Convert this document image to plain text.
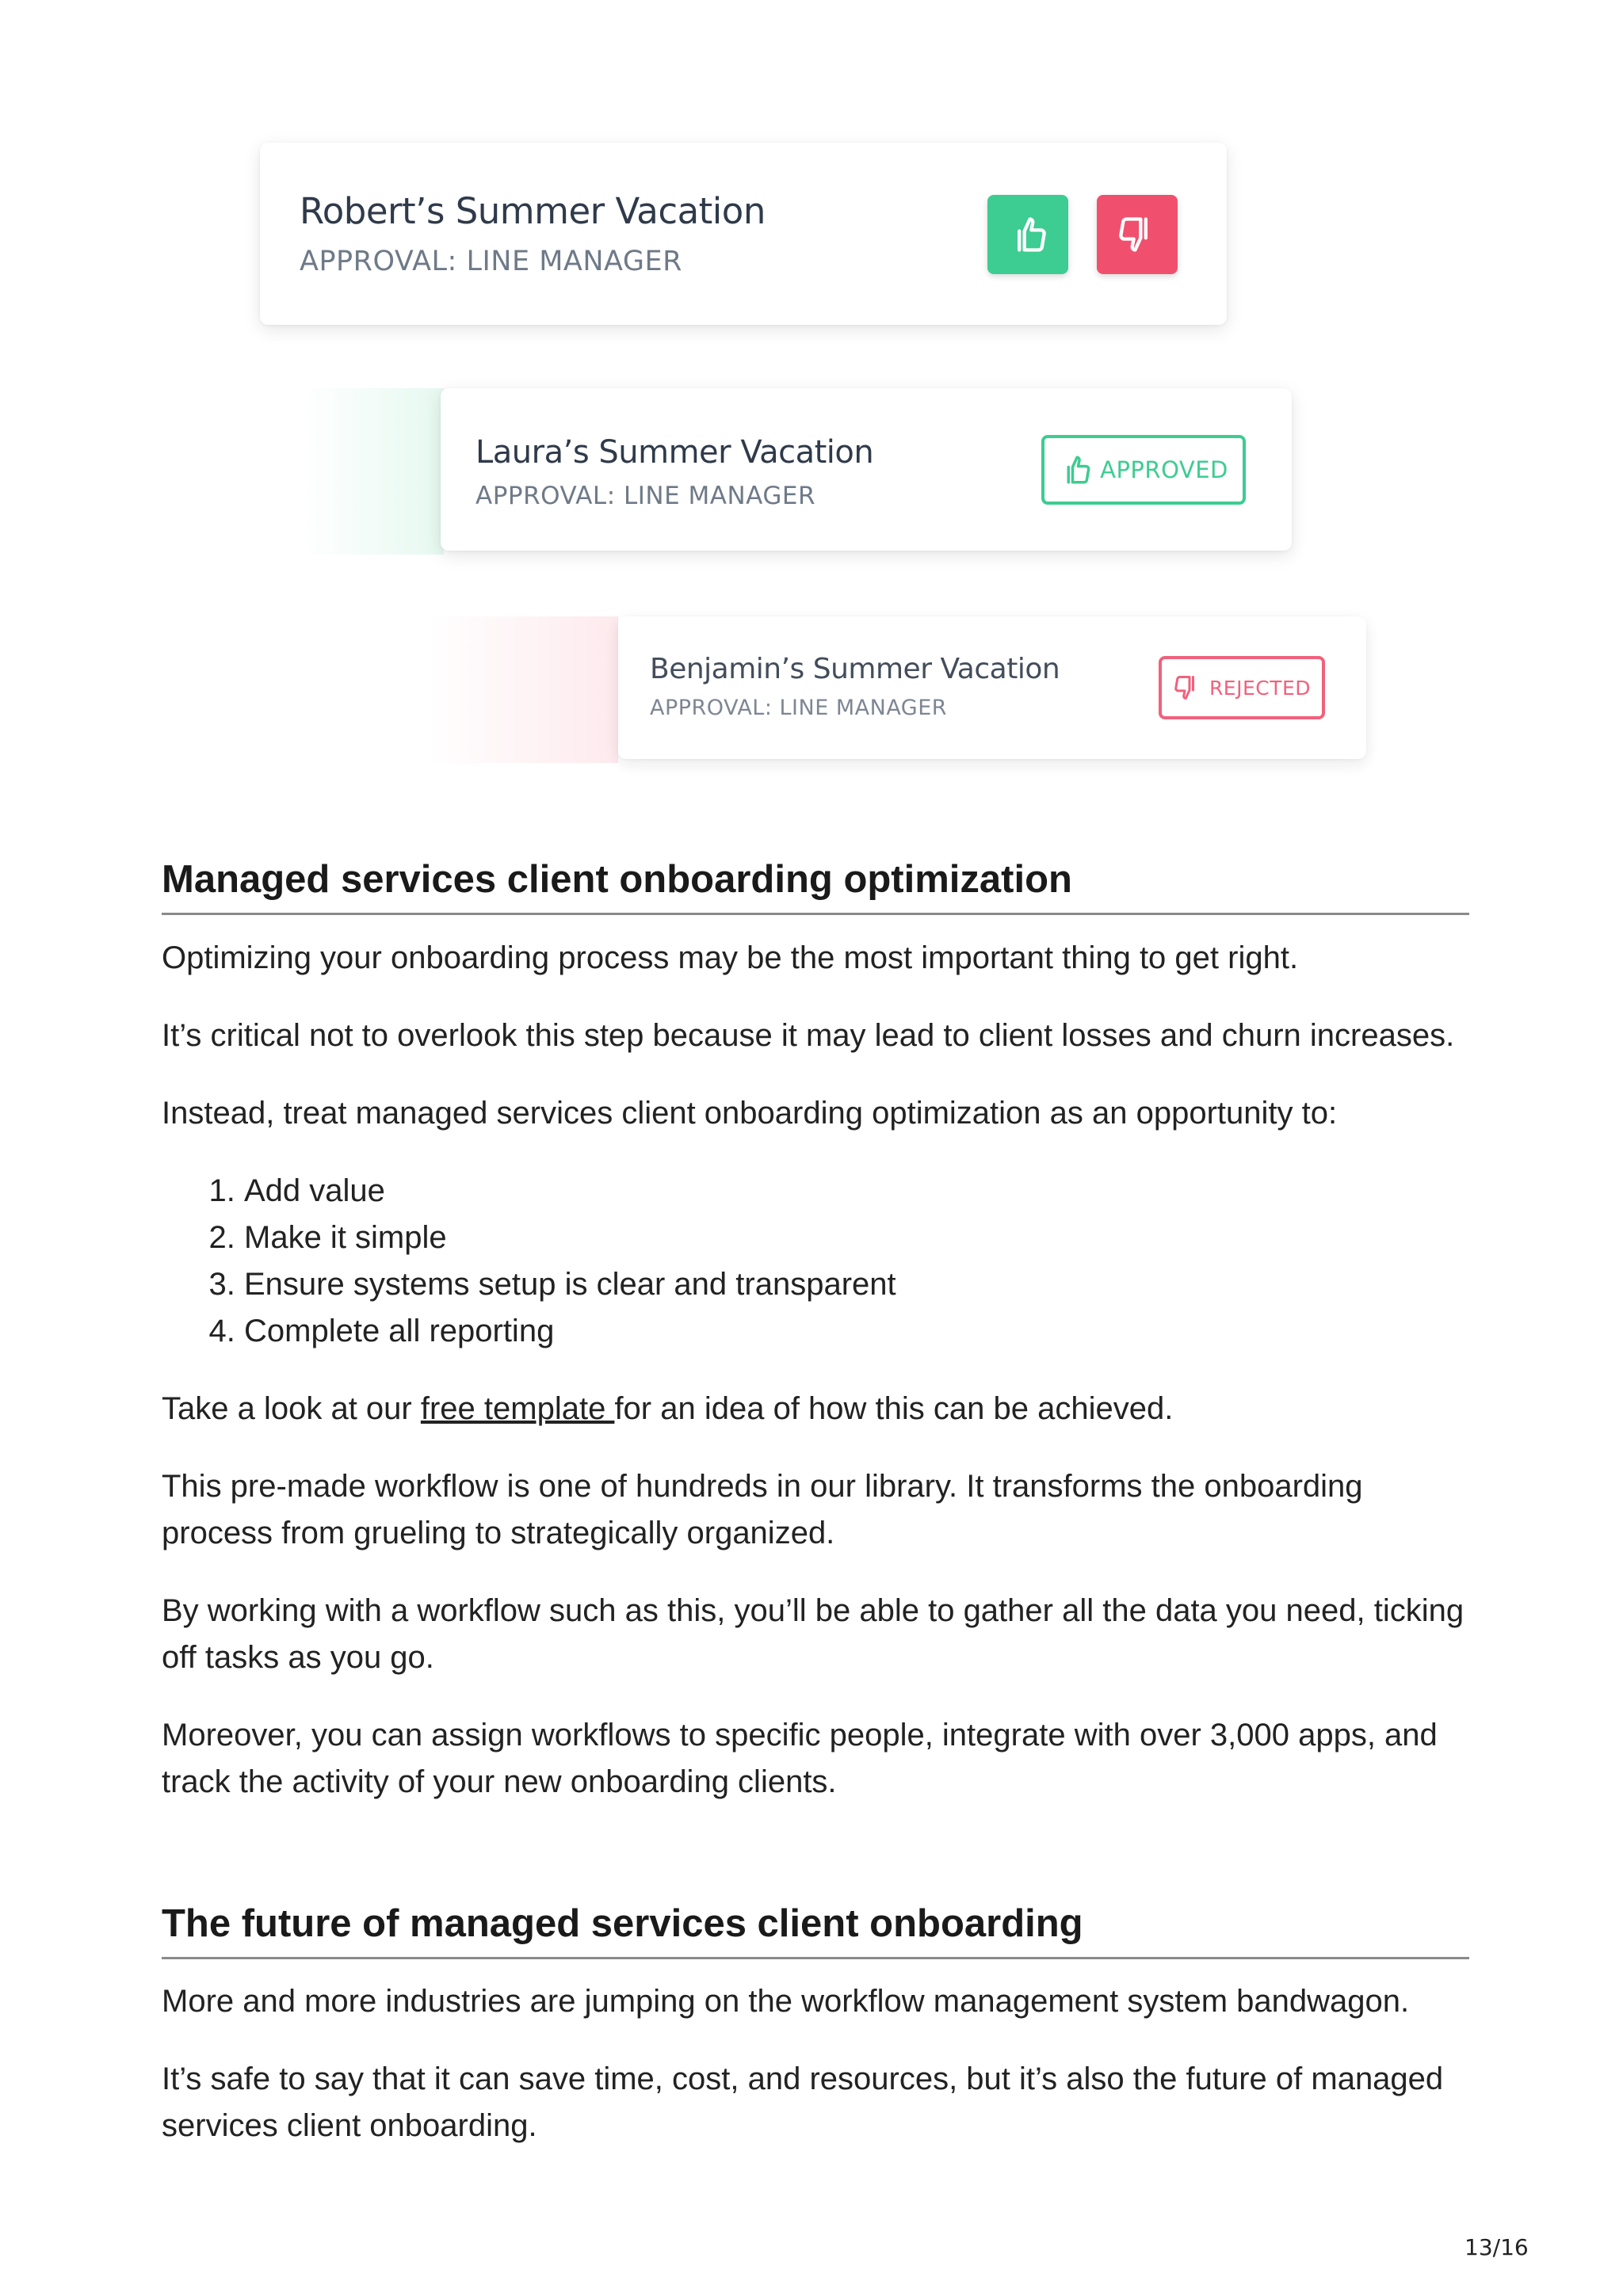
Robert’s Summer Vacation
APPROVAL: LINE MANAGER
Laura’s Summer Vacation
APPROVAL: LINE MANAGER
APPROVED
Benjamin’s Summer Vacation
APPROVAL: LINE MANAGER
REJECTED
Managed services client onboarding optimization

Optimizing your onboarding process may be the most important thing to get right.

It’s critical not to overlook this step because it may lead to client losses and churn increases.

Instead, treat managed services client onboarding optimization as an opportunity to:

1. Add value
2. Make it simple
3. Ensure systems setup is clear and transparent
4. Complete all reporting

Take a look at our free template for an idea of how this can be achieved.

This pre-made workflow is one of hundreds in our library. It transforms the onboarding process from grueling to strategically organized.

By working with a workflow such as this, you’ll be able to gather all the data you need, ticking off tasks as you go.

Moreover, you can assign workflows to specific people, integrate with over 3,000 apps, and track the activity of your new onboarding clients.

The future of managed services client onboarding

More and more industries are jumping on the workflow management system bandwagon.

It’s safe to say that it can save time, cost, and resources, but it’s also the future of managed services client onboarding.

13/16
